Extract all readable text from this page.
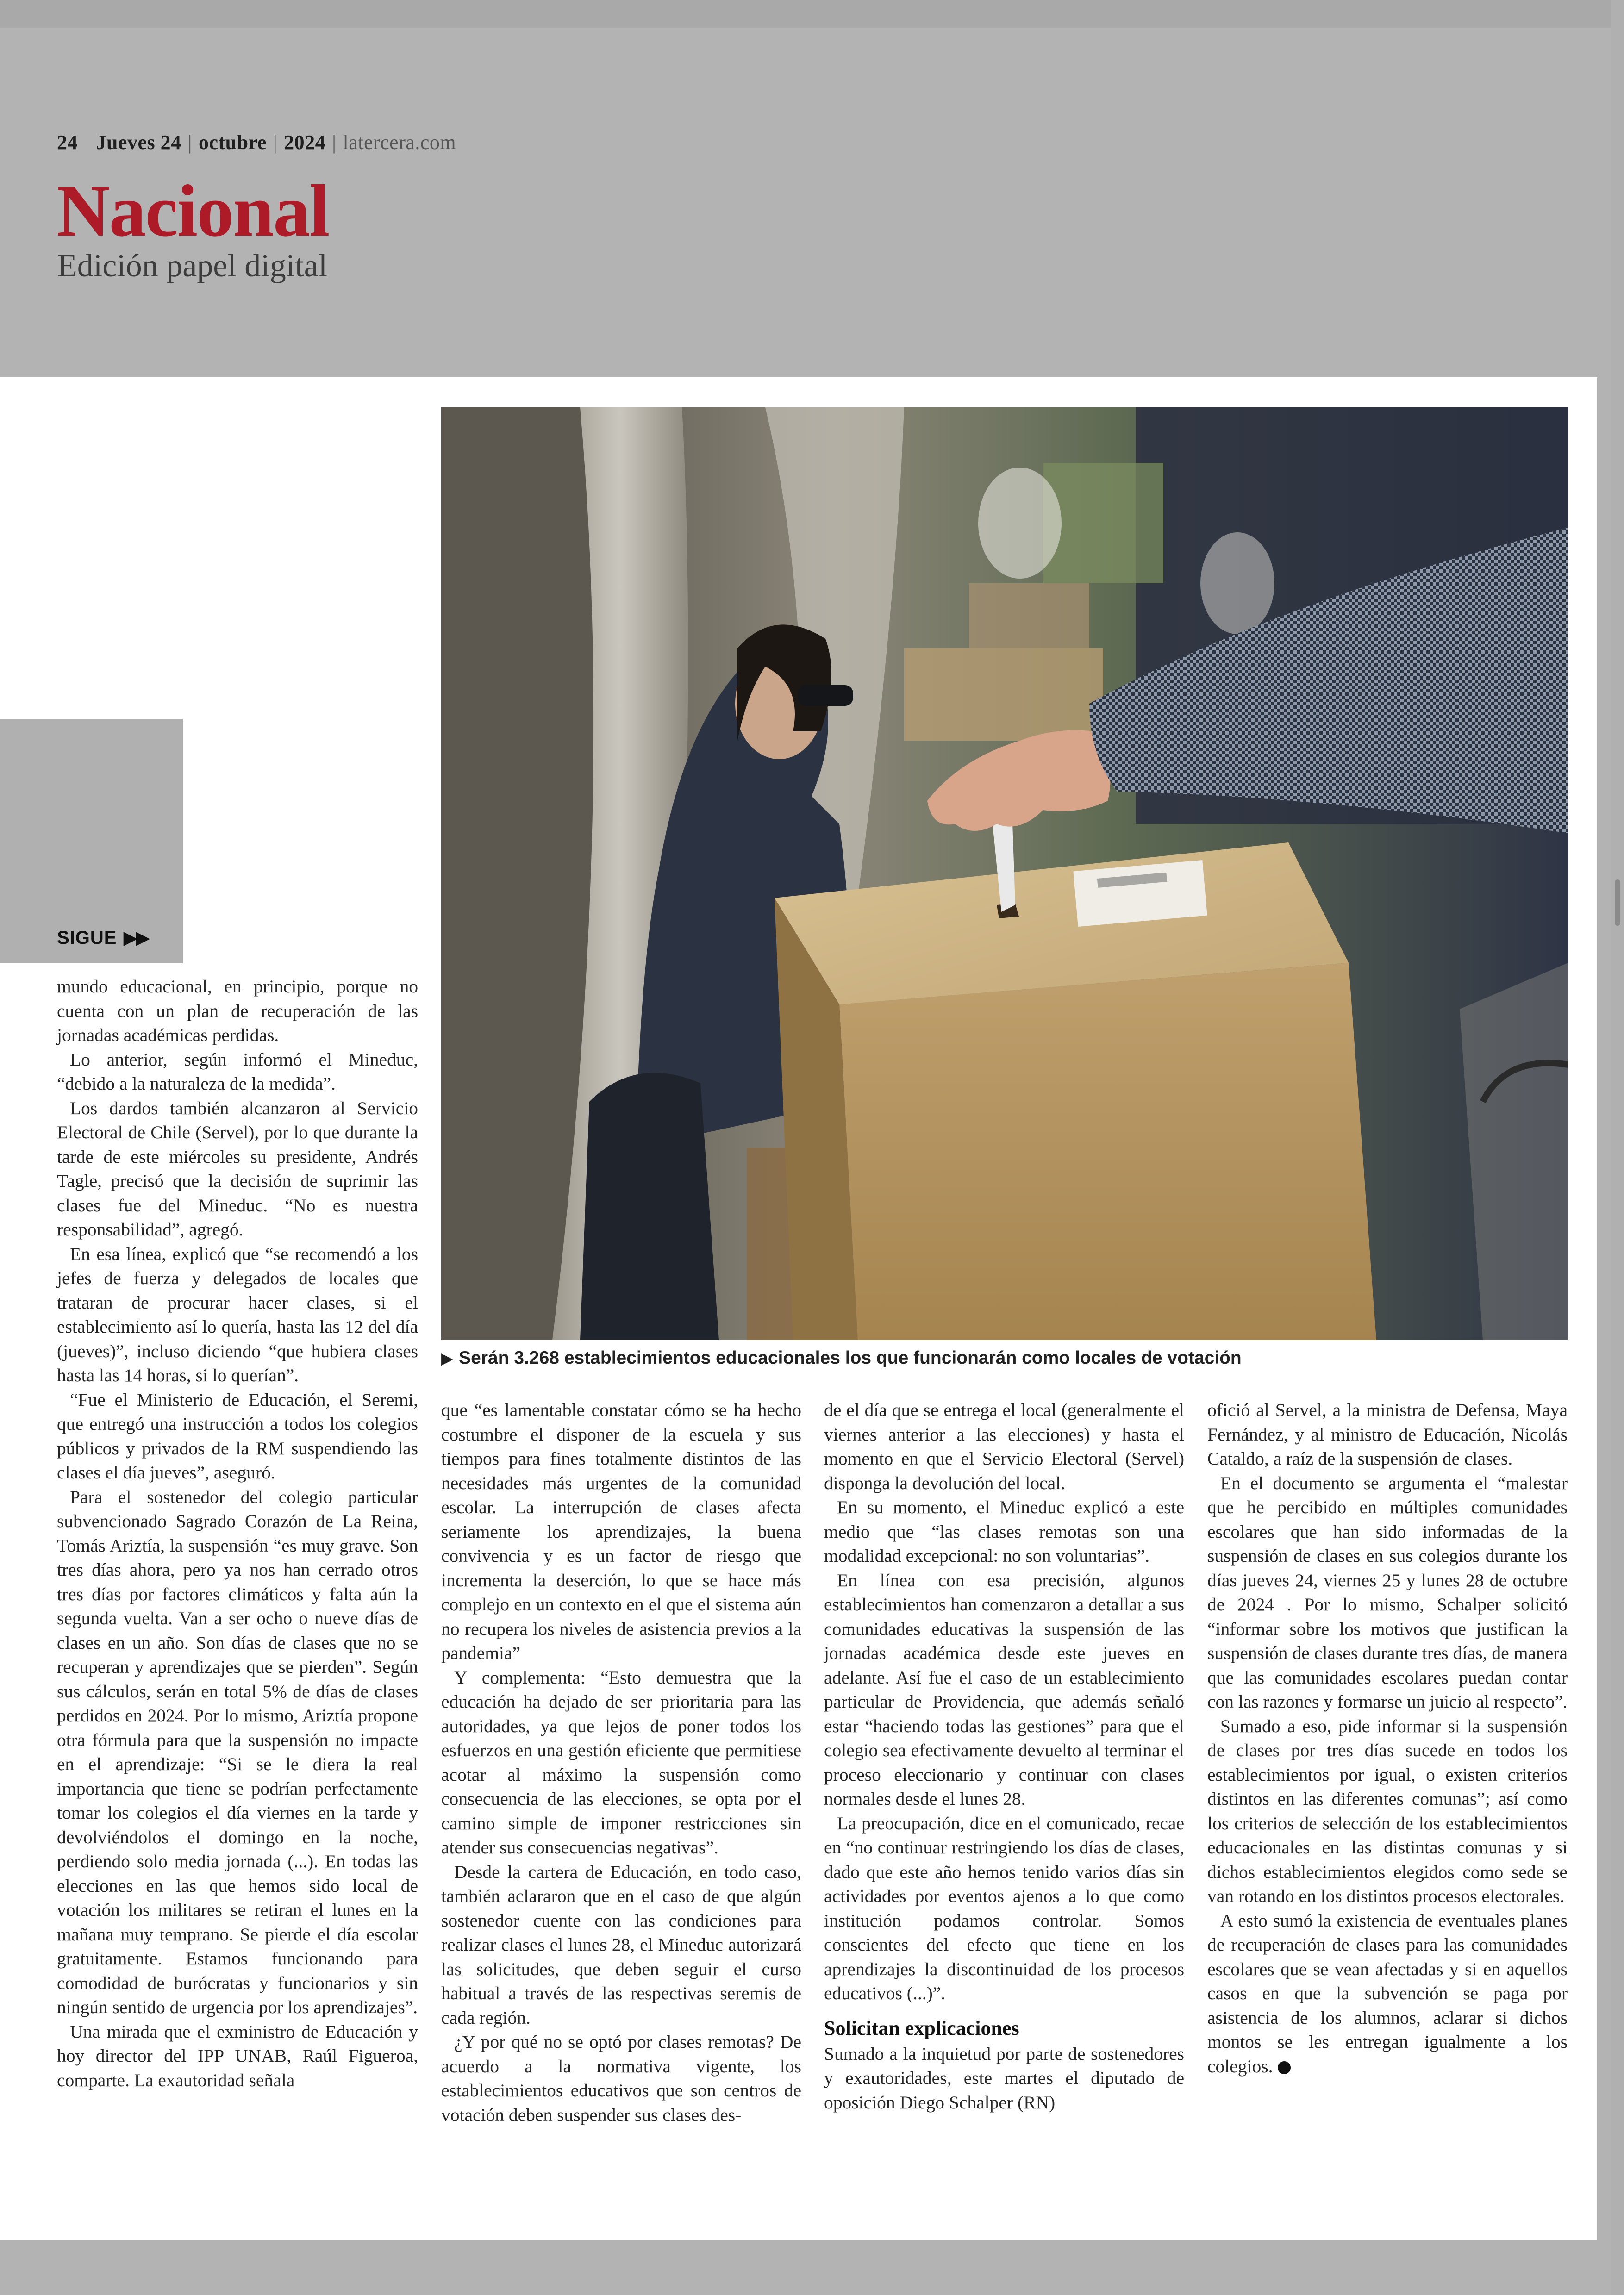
24 Jueves 24 | octubre | 2024 | latercera.com
Nacional
Edición papel digital
SIGUE ▶▶
▶ Serán 3.268 establecimientos educacionales los que funcionarán como locales de votación

mundo educacional, en principio, porque no cuenta con un plan de recuperación de las jornadas académicas perdidas.

Lo anterior, según informó el Mineduc, “debido a la naturaleza de la medida”.

Los dardos también alcanzaron al Servicio Electoral de Chile (Servel), por lo que durante la tarde de este miércoles su presidente, Andrés Tagle, precisó que la decisión de suprimir las clases fue del Mineduc. “No es nuestra responsabilidad”, agregó.

En esa línea, explicó que “se recomendó a los jefes de fuerza y delegados de locales que trataran de procurar hacer clases, si el establecimiento así lo quería, hasta las 12 del día (jueves)”, incluso diciendo “que hubiera clases hasta las 14 horas, si lo querían”.

“Fue el Ministerio de Educación, el Seremi, que entregó una instrucción a todos los colegios públicos y privados de la RM suspendiendo las clases el día jueves”, aseguró.

Para el sostenedor del colegio particular subvencionado Sagrado Corazón de La Reina, Tomás Ariztía, la suspensión “es muy grave. Son tres días ahora, pero ya nos han cerrado otros tres días por factores climáticos y falta aún la segunda vuelta. Van a ser ocho o nueve días de clases en un año. Son días de clases que no se recuperan y aprendizajes que se pierden”. Según sus cálculos, serán en total 5% de días de clases perdidos en 2024. Por lo mismo, Ariztía propone otra fórmula para que la suspensión no impacte en el aprendizaje: “Si se le diera la real importancia que tiene se podrían perfectamente tomar los colegios el día viernes en la tarde y devolviéndolos el domingo en la noche, perdiendo solo media jornada (...). En todas las elecciones en las que hemos sido local de votación los militares se retiran el lunes en la mañana muy temprano. Se pierde el día escolar gratuitamente. Estamos funcionando para comodidad de burócratas y funcionarios y sin ningún sentido de urgencia por los aprendizajes”.

Una mirada que el exministro de Educación y hoy director del IPP UNAB, Raúl Figueroa, comparte. La exautoridad señala

que “es lamentable constatar cómo se ha hecho costumbre el disponer de la escuela y sus tiempos para fines totalmente distintos de las necesidades más urgentes de la comunidad escolar. La interrupción de clases afecta seriamente los aprendizajes, la buena convivencia y es un factor de riesgo que incrementa la deserción, lo que se hace más complejo en un contexto en el que el sistema aún no recupera los niveles de asistencia previos a la pandemia”

Y complementa: “Esto demuestra que la educación ha dejado de ser prioritaria para las autoridades, ya que lejos de poner todos los esfuerzos en una gestión eficiente que permitiese acotar al máximo la suspensión como consecuencia de las elecciones, se opta por el camino simple de imponer restricciones sin atender sus consecuencias negativas”.

Desde la cartera de Educación, en todo caso, también aclararon que en el caso de que algún sostenedor cuente con las condiciones para realizar clases el lunes 28, el Mineduc autorizará las solicitudes, que deben seguir el curso habitual a través de las respectivas seremis de cada región.

¿Y por qué no se optó por clases remotas? De acuerdo a la normativa vigente, los establecimientos educativos que son centros de votación deben suspender sus clases des-

de el día que se entrega el local (generalmente el viernes anterior a las elecciones) y hasta el momento en que el Servicio Electoral (Servel) disponga la devolución del local.

En su momento, el Mineduc explicó a este medio que “las clases remotas son una modalidad excepcional: no son voluntarias”.

En línea con esa precisión, algunos establecimientos han comenzaron a detallar a sus comunidades educativas la suspensión de las jornadas académica desde este jueves en adelante. Así fue el caso de un establecimiento particular de Providencia, que además señaló estar “haciendo todas las gestiones” para que el colegio sea efectivamente devuelto al terminar el proceso eleccionario y continuar con clases normales desde el lunes 28.

La preocupación, dice en el comunicado, recae en “no continuar restringiendo los días de clases, dado que este año hemos tenido varios días sin actividades por eventos ajenos a lo que como institución podamos controlar. Somos conscientes del efecto que tiene en los aprendizajes la discontinuidad de los procesos educativos (...)”.

Solicitan explicaciones

Sumado a la inquietud por parte de sostenedores y exautoridades, este martes el diputado de oposición Diego Schalper (RN)

ofició al Servel, a la ministra de Defensa, Maya Fernández, y al ministro de Educación, Nicolás Cataldo, a raíz de la suspensión de clases.

En el documento se argumenta el “malestar que he percibido en múltiples comunidades escolares que han sido informadas de la suspensión de clases en sus colegios durante los días jueves 24, viernes 25 y lunes 28 de octubre de 2024 . Por lo mismo, Schalper solicitó “informar sobre los motivos que justifican la suspensión de clases durante tres días, de manera que las comunidades escolares puedan contar con las razones y formarse un juicio al respecto”.

Sumado a eso, pide informar si la suspensión de clases por tres días sucede en todos los establecimientos por igual, o existen criterios distintos en las diferentes comunas”; así como los criterios de selección de los establecimientos educacionales en las distintas comunas y si dichos establecimientos elegidos como sede se van rotando en los distintos procesos electorales.

A esto sumó la existencia de eventuales planes de recuperación de clases para las comunidades escolares que se vean afectadas y si en aquellos casos en que la subvención se paga por asistencia de los alumnos, aclarar si dichos montos se les entregan igualmente a los colegios.
